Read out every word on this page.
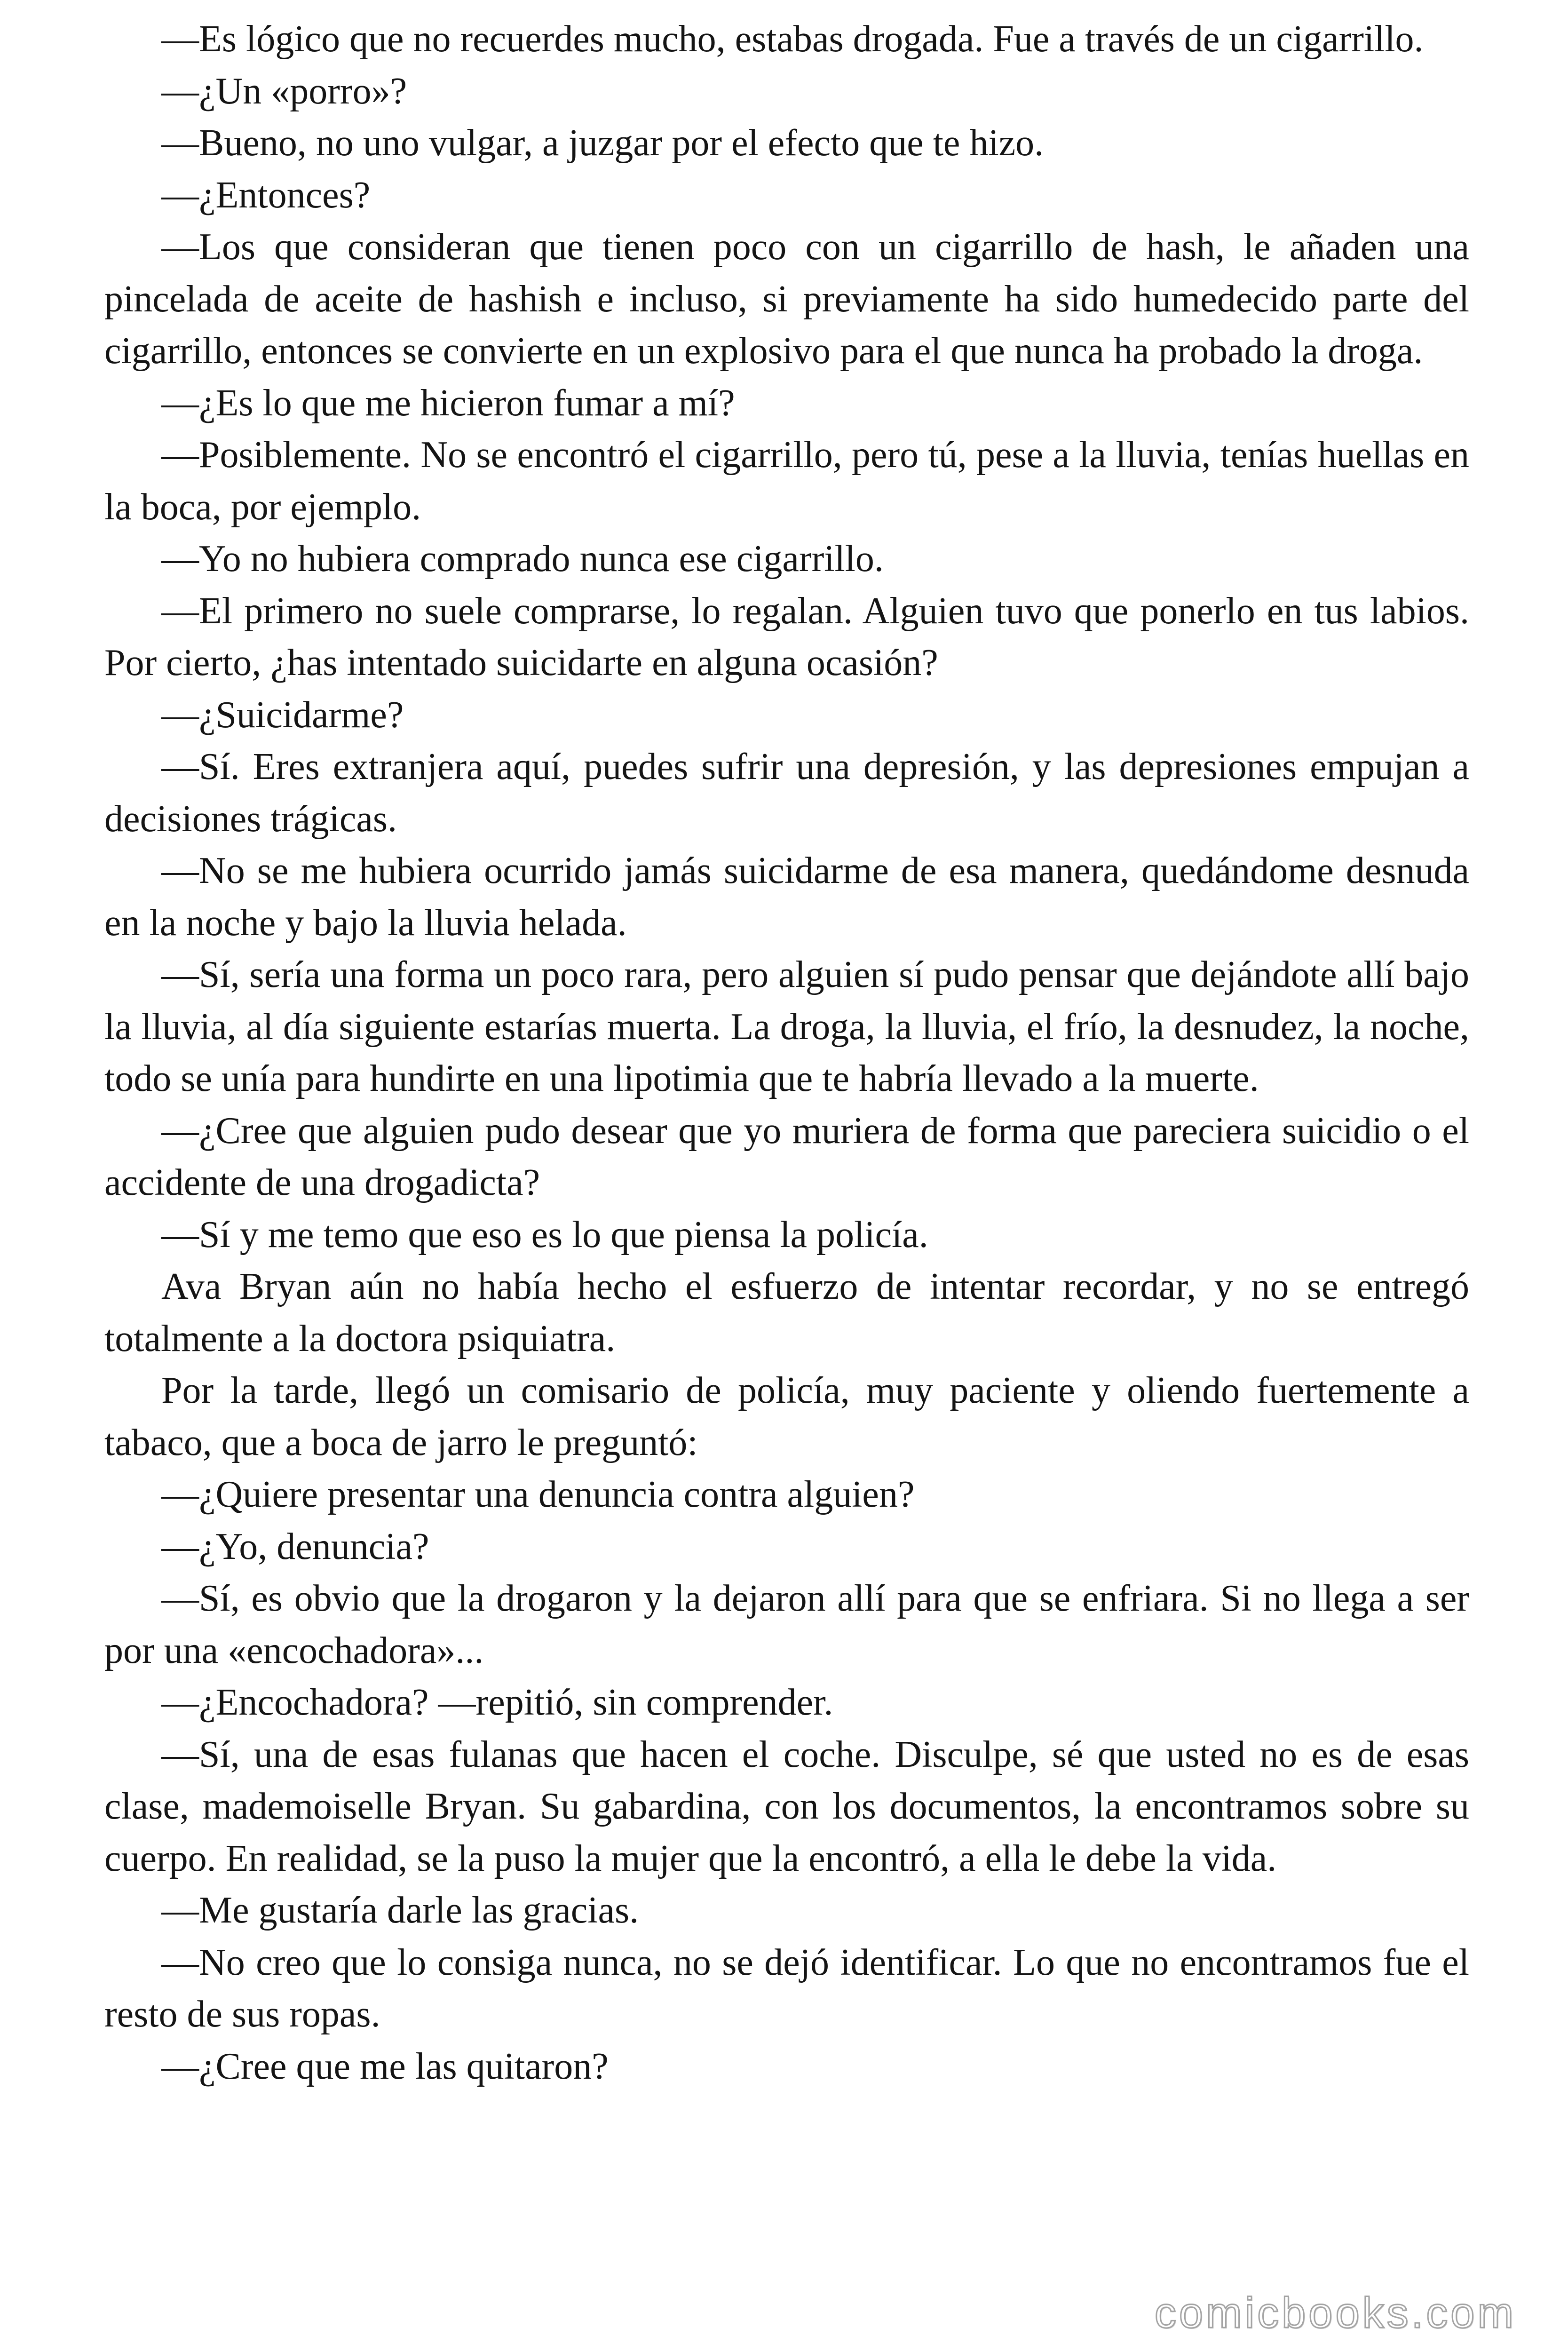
—Es lógico que no recuerdes mucho, estabas drogada. Fue a través de un cigarrillo.

—¿Un «porro»?

—Bueno, no uno vulgar, a juzgar por el efecto que te hizo.

—¿Entonces?

—Los que consideran que tienen poco con un cigarrillo de hash, le añaden una pincelada de aceite de hashish e incluso, si previamente ha sido humedecido parte del cigarrillo, entonces se convierte en un explosivo para el que nunca ha probado la droga.

—¿Es lo que me hicieron fumar a mí?

—Posiblemente. No se encontró el cigarrillo, pero tú, pese a la lluvia, tenías huellas en la boca, por ejemplo.

—Yo no hubiera comprado nunca ese cigarrillo.

—El primero no suele comprarse, lo regalan. Alguien tuvo que ponerlo en tus labios. Por cierto, ¿has intentado suicidarte en alguna ocasión?

—¿Suicidarme?

—Sí. Eres extranjera aquí, puedes sufrir una depresión, y las depresiones empujan a decisiones trágicas.

—No se me hubiera ocurrido jamás suicidarme de esa manera, quedándome desnuda en la noche y bajo la lluvia helada.

—Sí, sería una forma un poco rara, pero alguien sí pudo pensar que dejándote allí bajo la lluvia, al día siguiente estarías muerta. La droga, la lluvia, el frío, la desnudez, la noche, todo se unía para hundirte en una lipotimia que te habría llevado a la muerte.

—¿Cree que alguien pudo desear que yo muriera de forma que pareciera suicidio o el accidente de una drogadicta?

—Sí y me temo que eso es lo que piensa la policía.

Ava Bryan aún no había hecho el esfuerzo de intentar recordar, y no se entregó totalmente a la doctora psiquiatra.

Por la tarde, llegó un comisario de policía, muy paciente y oliendo fuertemente a tabaco, que a boca de jarro le preguntó:

—¿Quiere presentar una denuncia contra alguien?

—¿Yo, denuncia?

—Sí, es obvio que la drogaron y la dejaron allí para que se enfriara. Si no llega a ser por una «encochadora»...

—¿Encochadora? —repitió, sin comprender.

—Sí, una de esas fulanas que hacen el coche. Disculpe, sé que usted no es de esas clase, mademoiselle Bryan. Su gabardina, con los documentos, la encontramos sobre su cuerpo. En realidad, se la puso la mujer que la encontró, a ella le debe la vida.

—Me gustaría darle las gracias.

—No creo que lo consiga nunca, no se dejó identificar. Lo que no encontramos fue el resto de sus ropas.

—¿Cree que me las quitaron?

comicbooks.com
